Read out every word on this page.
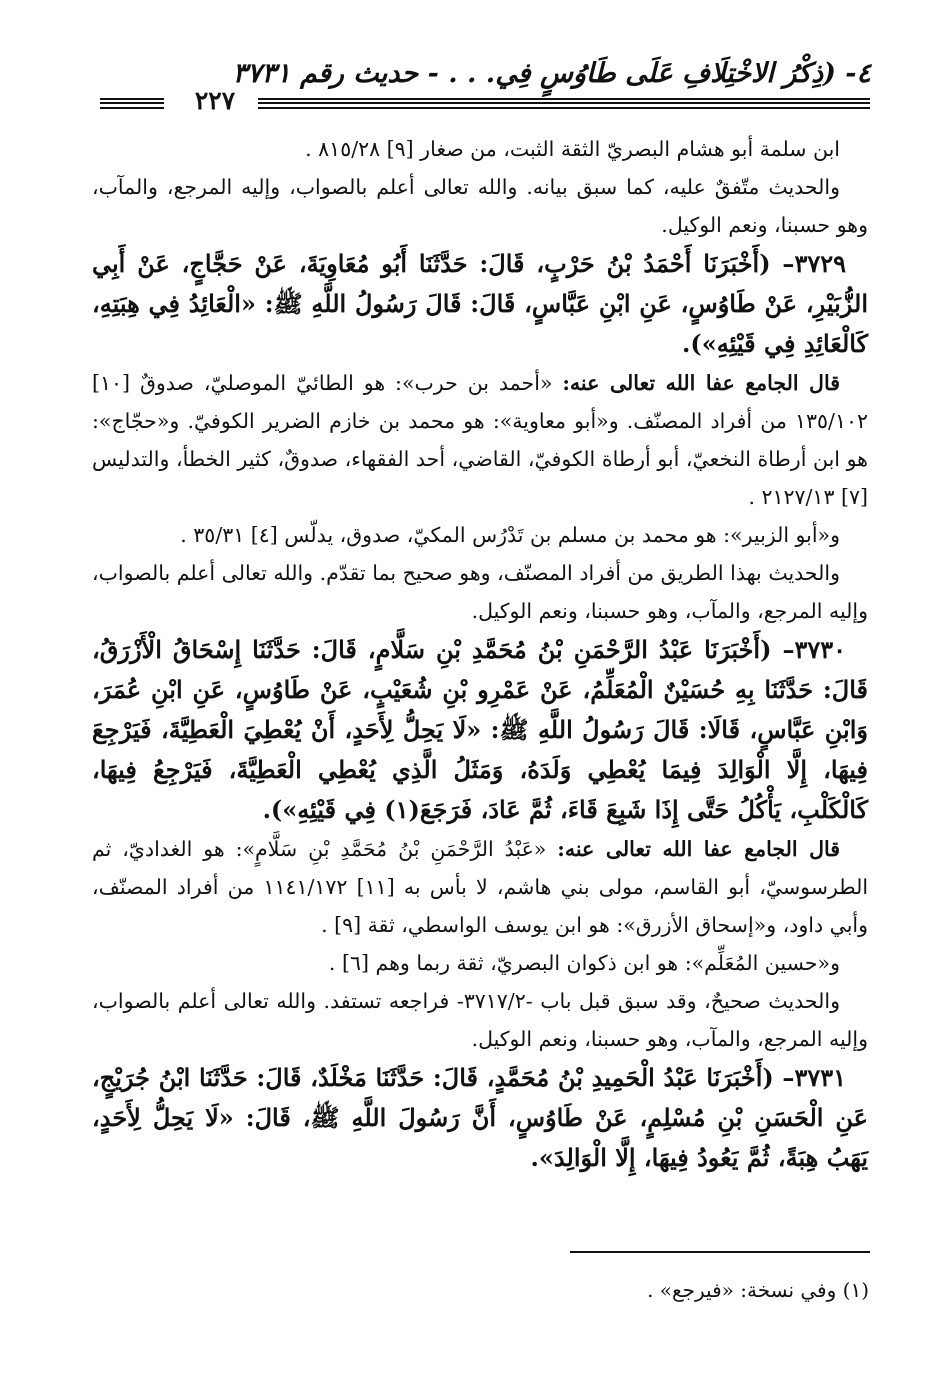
٤- (ذِكْرُ الاخْتِلَافِ عَلَى طَاوُسٍ فِي. . . - حديث رقم ٣٧٣١
٢٢٧

ابن سلمة أبو هشام البصريّ الثقة الثبت، من صغار [٩] ٨١٥/٢٨ .

والحديث متّفقٌ عليه، كما سبق بيانه. والله تعالى أعلم بالصواب، وإليه المرجع، والمآب، وهو حسبنا، ونعم الوكيل.

٣٧٢٩– (أَخْبَرَنَا أَحْمَدُ بْنُ حَرْبٍ، قَالَ: حَدَّثَنَا أَبُو مُعَاوِيَةَ، عَنْ حَجَّاجٍ، عَنْ أَبِي الزُّبَيْرِ، عَنْ طَاوُسٍ، عَنِ ابْنِ عَبَّاسٍ، قَالَ: قَالَ رَسُولُ اللَّهِ ﷺ: «الْعَائِدُ فِي هِبَتِهِ، كَالْعَائِدِ فِي قَيْئِهِ»).

قال الجامع عفا الله تعالى عنه: «أحمد بن حرب»: هو الطائيّ الموصليّ، صدوقٌ [١٠] ١٣٥/١٠٢ من أفراد المصنّف. و«أبو معاوية»: هو محمد بن خازم الضرير الكوفيّ. و«حجّاج»: هو ابن أرطاة النخعيّ، أبو أرطاة الكوفيّ، القاضي، أحد الفقهاء، صدوقٌ، كثير الخطأ، والتدليس [٧] ٢١٢٧/١٣ .

و«أبو الزبير»: هو محمد بن مسلم بن تَدْرُس المكيّ، صدوق، يدلّس [٤] ٣٥/٣١ .

والحديث بهذا الطريق من أفراد المصنّف، وهو صحيح بما تقدّم. والله تعالى أعلم بالصواب، وإليه المرجع، والمآب، وهو حسبنا، ونعم الوكيل.

٣٧٣٠– (أَخْبَرَنَا عَبْدُ الرَّحْمَنِ بْنُ مُحَمَّدِ بْنِ سَلَّامٍ، قَالَ: حَدَّثَنَا إِسْحَاقُ الْأَزْرَقُ، قَالَ: حَدَّثَنَا بِهِ حُسَيْنٌ الْمُعَلِّمُ، عَنْ عَمْرِو بْنِ شُعَيْبٍ، عَنْ طَاوُسٍ، عَنِ ابْنِ عُمَرَ، وَابْنِ عَبَّاسٍ، قَالَا: قَالَ رَسُولُ اللَّهِ ﷺ: «لَا يَحِلُّ لِأَحَدٍ، أَنْ يُعْطِيَ الْعَطِيَّةَ، فَيَرْجِعَ فِيهَا، إِلَّا الْوَالِدَ فِيمَا يُعْطِي وَلَدَهُ، وَمَثَلُ الَّذِي يُعْطِي الْعَطِيَّةَ، فَيَرْجِعُ فِيهَا، كَالْكَلْبِ، يَأْكُلُ حَتَّى إِذَا شَبِعَ قَاءَ، ثُمَّ عَادَ، فَرَجَعَ(١) فِي قَيْئِهِ»).

قال الجامع عفا الله تعالى عنه: «عَبْدُ الرَّحْمَنِ بْنُ مُحَمَّدِ بْنِ سَلَّامٍ»: هو الغداديّ، ثم الطرسوسيّ، أبو القاسم، مولى بني هاشم، لا بأس به [١١] ١١٤١/١٧٢ من أفراد المصنّف، وأبي داود، و«إسحاق الأزرق»: هو ابن يوسف الواسطي، ثقة [٩] .

و«حسين المُعَلِّم»: هو ابن ذكوان البصريّ، ثقة ربما وهم [٦] .

والحديث صحيحٌ، وقد سبق قبل باب -٣٧١٧/٢- فراجعه تستفد. والله تعالى أعلم بالصواب، وإليه المرجع، والمآب، وهو حسبنا، ونعم الوكيل.

٣٧٣١– (أَخْبَرَنَا عَبْدُ الْحَمِيدِ بْنُ مُحَمَّدٍ، قَالَ: حَدَّثَنَا مَخْلَدٌ، قَالَ: حَدَّثَنَا ابْنُ جُرَيْجٍ، عَنِ الْحَسَنِ بْنِ مُسْلِمٍ، عَنْ طَاوُسٍ، أَنَّ رَسُولَ اللَّهِ ﷺ، قَالَ: «لَا يَحِلُّ لِأَحَدٍ، يَهَبُ هِبَةً، ثُمَّ يَعُودُ فِيهَا، إِلَّا الْوَالِدَ».

(١) وفي نسخة: «فيرجع» .
